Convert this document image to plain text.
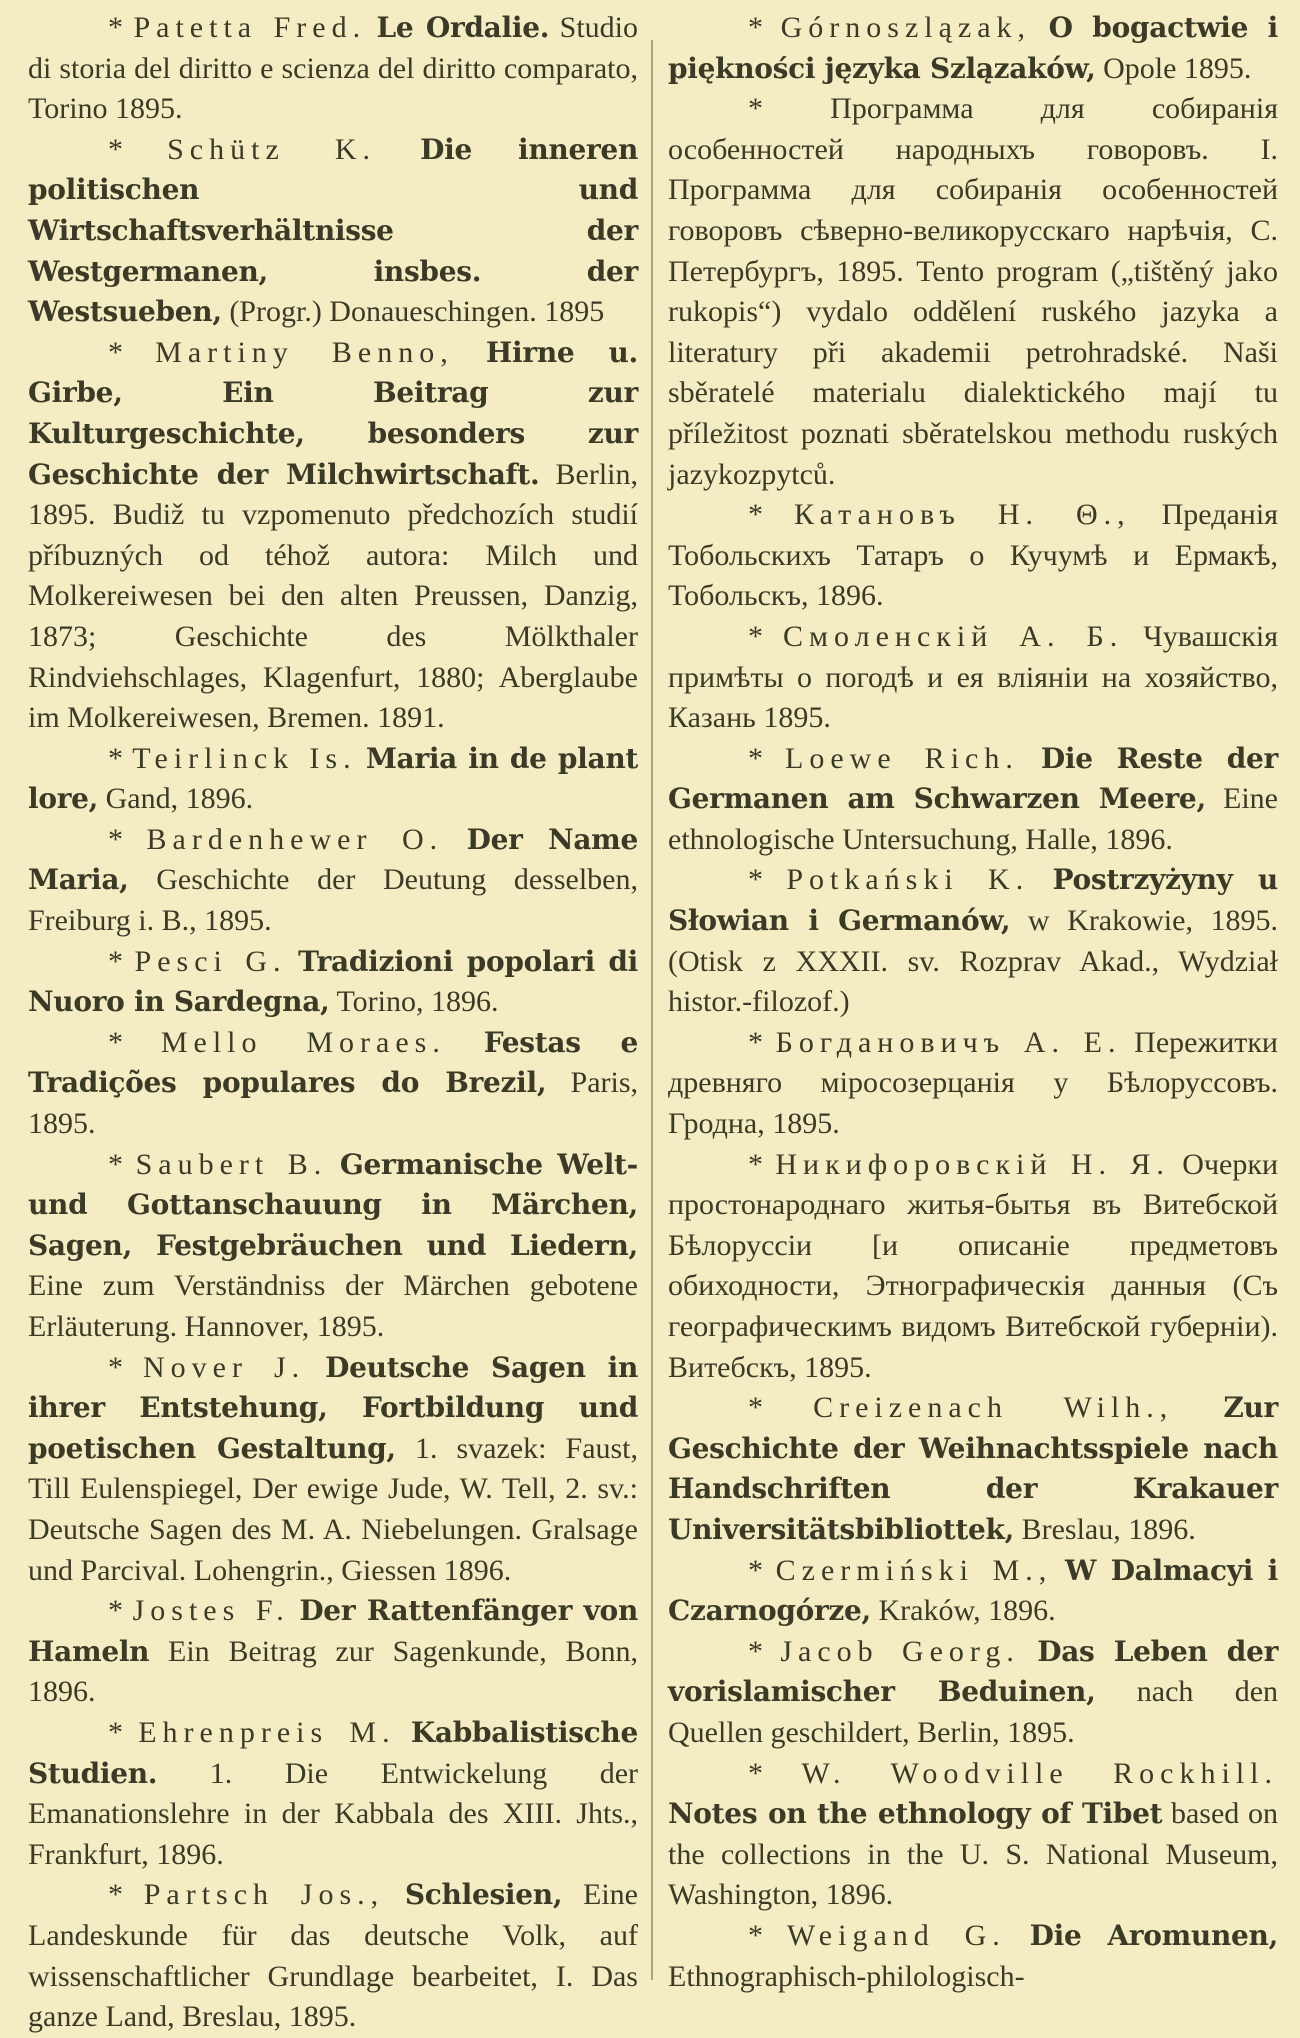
* Patetta Fred. Le Ordalie. Studio di storia del diritto e scienza del diritto comparato, Torino 1895.

* Schütz K. Die inneren politischen und Wirtschaftsverhältnisse der Westgermanen, insbes. der Westsueben, (Progr.) Donaueschingen. 1895

* Martiny Benno, Hirne u. Girbe, Ein Beitrag zur Kulturgeschichte, besonders zur Geschichte der Milchwirtschaft. Berlin, 1895. Budiž tu vzpomenuto předchozích studií příbuzných od téhož autora: Milch und Molkereiwesen bei den alten Preussen, Danzig, 1873; Geschichte des Mölkthaler Rindviehschlages, Klagenfurt, 1880; Aberglaube im Molkereiwesen, Bremen. 1891.

* Teirlinck Is. Maria in de plant lore, Gand, 1896.

* Bardenhewer O. Der Name Maria, Geschichte der Deutung desselben, Freiburg i. B., 1895.

* Pesci G. Tradizioni popolari di Nuoro in Sardegna, Torino, 1896.

* Mello Moraes. Festas e Tradições populares do Brezil, Paris, 1895.

* Saubert B. Germanische Welt- und Gottanschauung in Märchen, Sagen, Festgebräuchen und Liedern, Eine zum Verständniss der Märchen gebotene Erläuterung. Hannover, 1895.

* Nover J. Deutsche Sagen in ihrer Entstehung, Fortbildung und poetischen Gestaltung, 1. svazek: Faust, Till Eulenspiegel, Der ewige Jude, W. Tell, 2. sv.: Deutsche Sagen des M. A. Niebelungen. Gralsage und Parcival. Lohengrin., Giessen 1896.

* Jostes F. Der Rattenfänger von Hameln Ein Beitrag zur Sagenkunde, Bonn, 1896.

* Ehrenpreis M. Kabbalistische Studien. 1. Die Entwickelung der Emanationslehre in der Kabbala des XIII. Jhts., Frankfurt, 1896.

* Partsch Jos., Schlesien, Eine Landeskunde für das deutsche Volk, auf wissenschaftlicher Grundlage bearbeitet, I. Das ganze Land, Breslau, 1895.

* Górnoszlązak, O bogactwie i piękności języka Szlązaków, Opole 1895.

* Программа для собиранія особенностей народныхъ говоровъ. I. Программа для собиранія особенностей говоровъ сѣверно-великорусскаго нарѣчія, С. Петербургъ, 1895. Tento program („tištěný jako rukopis“) vydalo oddělení ruského jazyka a literatury při akademii petrohradské. Naši sběratelé materialu dialektického mají tu příležitost poznati sběratelskou methodu ruských jazykozpytců.

* Катановъ Н. Θ., Преданія Тобольскихъ Татаръ о Кучумѣ и Ермакѣ, Тобольскъ, 1896.

* Смоленскій А. Б. Чувашскія примѣты о погодѣ и ея вліяніи на хозяйство, Казань 1895.

* Loewe Rich. Die Reste der Germanen am Schwarzen Meere, Eine ethnologische Untersuchung, Halle, 1896.

* Potkański K. Postrzyżyny u Słowian i Germanów, w Krakowie, 1895. (Otisk z XXXII. sv. Rozprav Akad., Wydział histor.-filozof.)

* Богдановичъ А. Е. Пережитки древняго міросозерцанія у Бѣлоруссовъ. Гродна, 1895.

* Никифоровскій Н. Я. Очерки простонароднаго житья-бытья въ Витебской Бѣлоруссіи [и описаніе предметовъ обиходности, Этнографическія данныя (Съ географическимъ видомъ Витебской губерніи). Витебскъ, 1895.

* Creizenach Wilh., Zur Geschichte der Weihnachtsspiele nach Handschriften der Krakauer Universitätsbibliottek, Breslau, 1896.

* Czermiński M., W Dalmacyi i Czarnogórze, Kraków, 1896.

* Jacob Georg. Das Leben der vorislamischer Beduinen, nach den Quellen geschildert, Berlin, 1895.

* W. Woodville Rockhill. Notes on the ethnology of Tibet based on the collections in the U. S. National Museum, Washington, 1896.

* Weigand G. Die Aromunen, Ethnographisch-philologisch-
